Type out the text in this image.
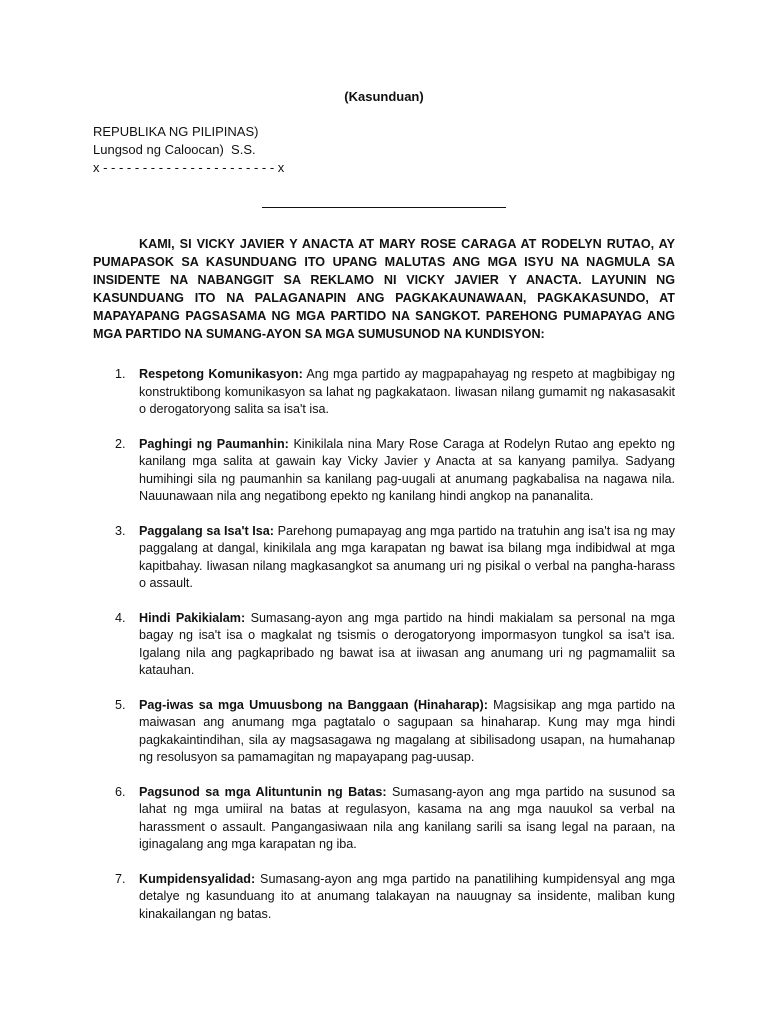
(Kasunduan)
REPUBLIKA NG PILIPINAS)
Lungsod ng Caloocan)  S.S.
x - - - - - - - - - - - - - - - - - - - - - - x

KAMI, SI VICKY JAVIER Y ANACTA AT MARY ROSE CARAGA AT RODELYN RUTAO, AY PUMAPASOK SA KASUNDUANG ITO UPANG MALUTAS ANG MGA ISYU NA NAGMULA SA INSIDENTE NA NABANGGIT SA REKLAMO NI VICKY JAVIER Y ANACTA. LAYUNIN NG KASUNDUANG ITO NA PALAGANAPIN ANG PAGKAKAUNAWAAN, PAGKAKASUNDO, AT MAPAYAPANG PAGSASAMA NG MGA PARTIDO NA SANGKOT. PAREHONG PUMAPAYAG ANG MGA PARTIDO NA SUMANG-AYON SA MGA SUMUSUNOD NA KUNDISYON:

1. Respetong Komunikasyon: Ang mga partido ay magpapahayag ng respeto at magbibigay ng konstruktibong komunikasyon sa lahat ng pagkakataon. Iiwasan nilang gumamit ng nakasasakit o derogatoryong salita sa isa't isa.
2. Paghingi ng Paumanhin: Kinikilala nina Mary Rose Caraga at Rodelyn Rutao ang epekto ng kanilang mga salita at gawain kay Vicky Javier y Anacta at sa kanyang pamilya. Sadyang humihingi sila ng paumanhin sa kanilang pag-uugali at anumang pagkabalisa na nagawa nila. Nauunawaan nila ang negatibong epekto ng kanilang hindi angkop na pananalita.
3. Paggalang sa Isa't Isa: Parehong pumapayag ang mga partido na tratuhin ang isa't isa ng may paggalang at dangal, kinikilala ang mga karapatan ng bawat isa bilang mga indibidwal at mga kapitbahay. Iiwasan nilang magkasangkot sa anumang uri ng pisikal o verbal na pangha-harass o assault.
4. Hindi Pakikialam: Sumasang-ayon ang mga partido na hindi makialam sa personal na mga bagay ng isa't isa o magkalat ng tsismis o derogatoryong impormasyon tungkol sa isa't isa. Igalang nila ang pagkapribado ng bawat isa at iiwasan ang anumang uri ng pagmamaliit sa katauhan.
5. Pag-iwas sa mga Umuusbong na Banggaan (Hinaharap): Magsisikap ang mga partido na maiwasan ang anumang mga pagtatalo o sagupaan sa hinaharap. Kung may mga hindi pagkakaintindihan, sila ay magsasagawa ng magalang at sibilisadong usapan, na humahanap ng resolusyon sa pamamagitan ng mapayapang pag-uusap.
6. Pagsunod sa mga Alituntunin ng Batas: Sumasang-ayon ang mga partido na susunod sa lahat ng mga umiiral na batas at regulasyon, kasama na ang mga nauukol sa verbal na harassment o assault. Pangangasiwaan nila ang kanilang sarili sa isang legal na paraan, na iginagalang ang mga karapatan ng iba.
7. Kumpidensyalidad: Sumasang-ayon ang mga partido na panatilihing kumpidensyal ang mga detalye ng kasunduang ito at anumang talakayan na nauugnay sa insidente, maliban kung kinakailangan ng batas.
